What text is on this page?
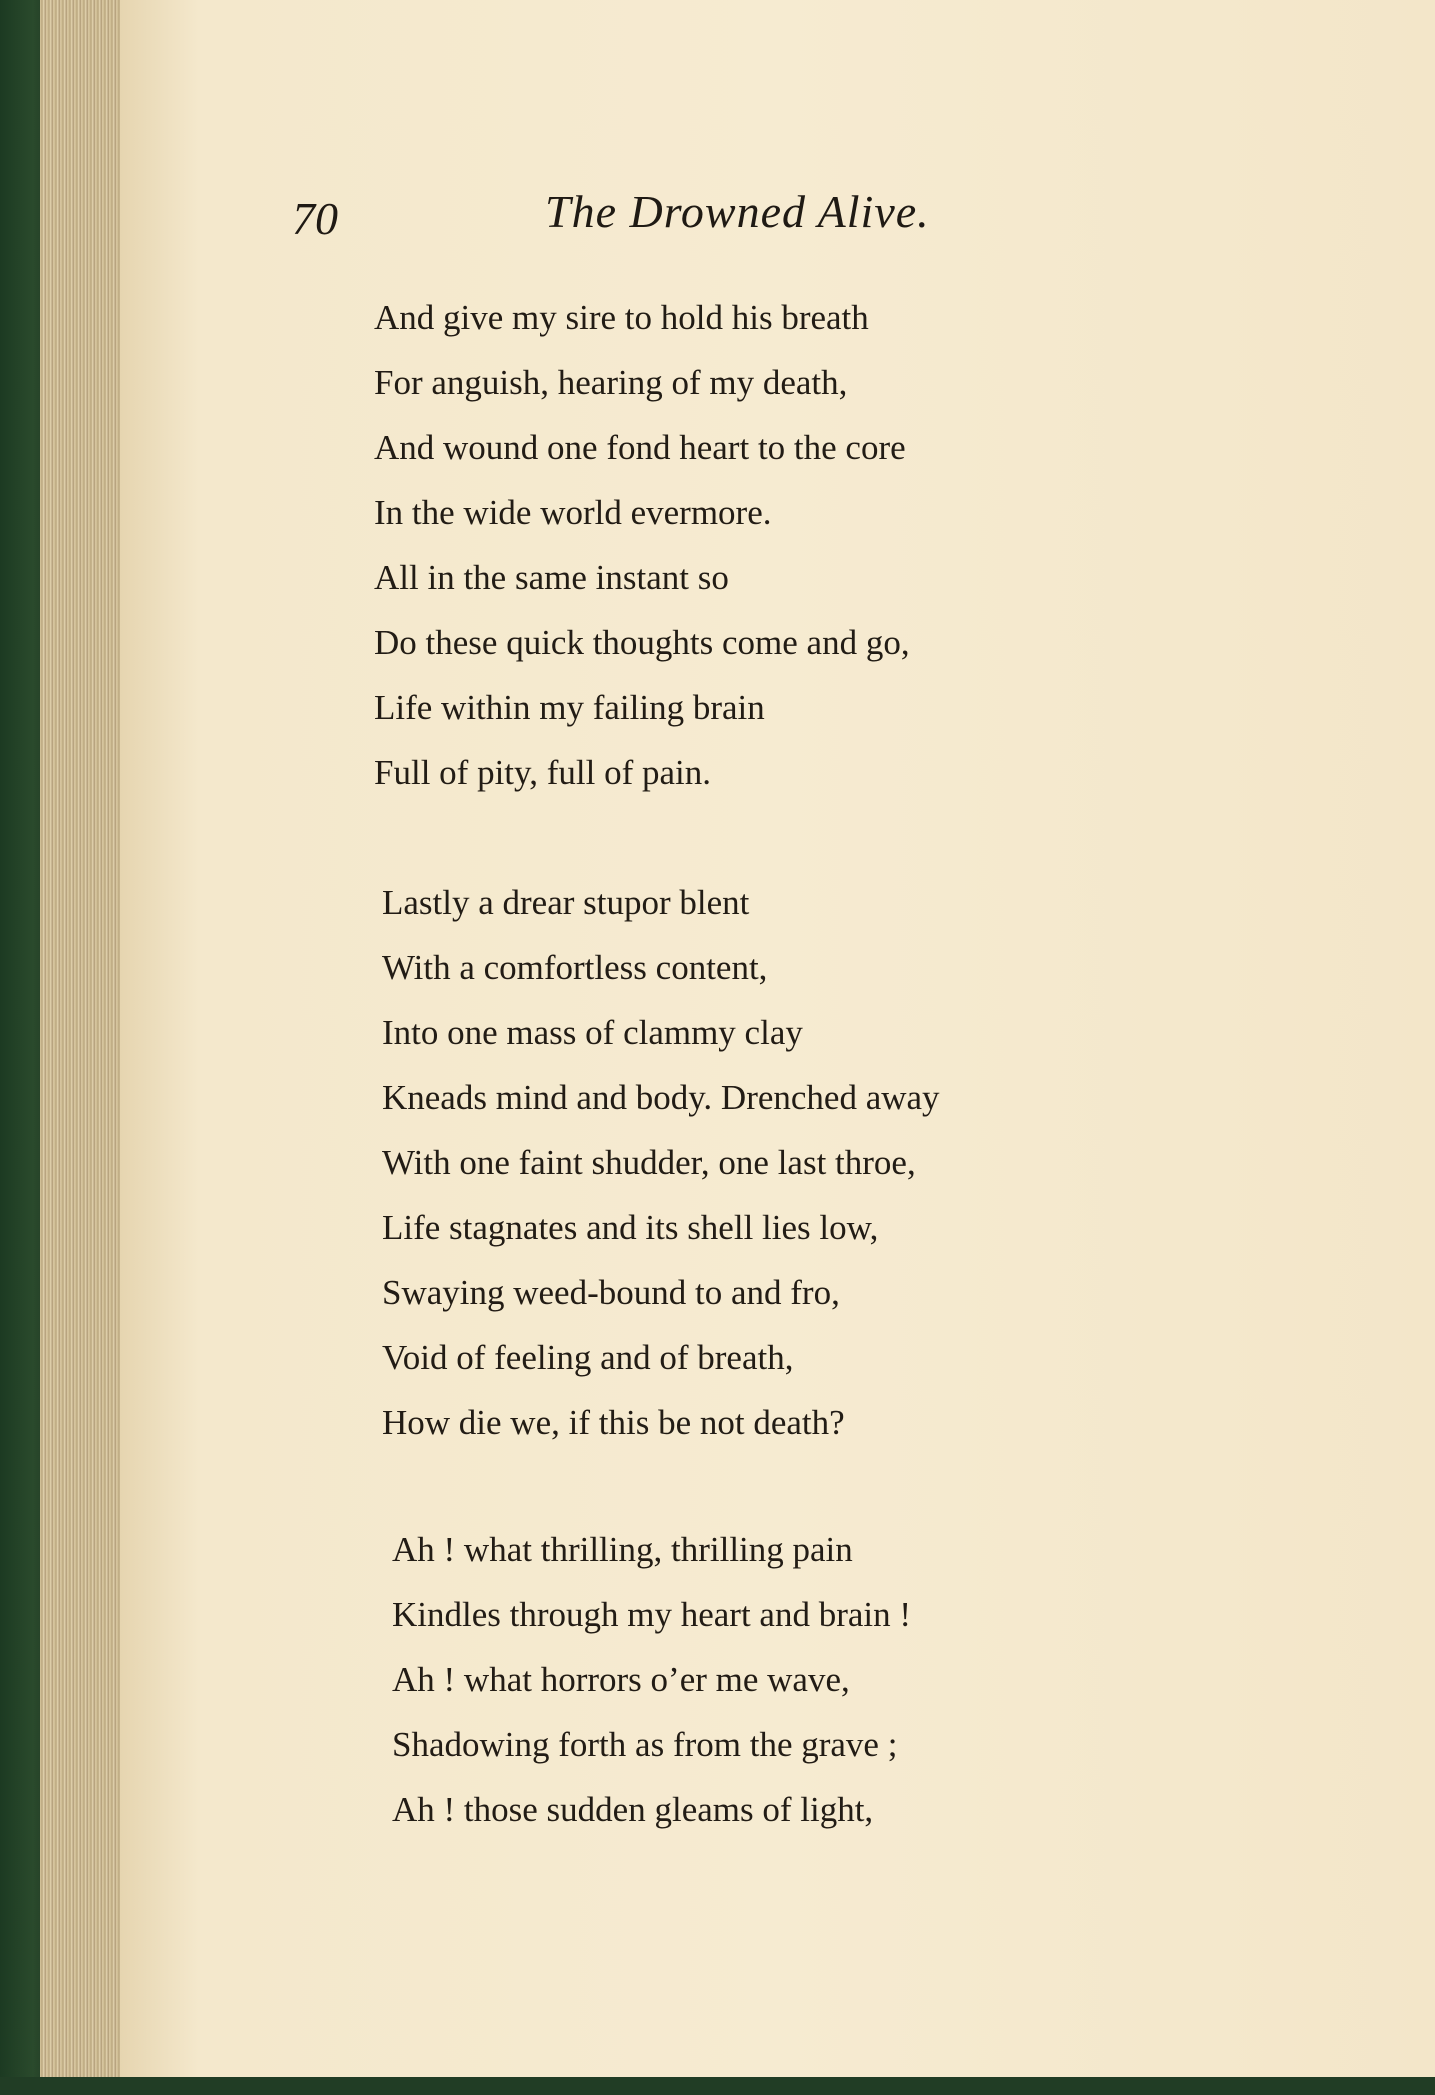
70	The Drowned Alive.
And give my sire to hold his breath
For anguish, hearing of my death,
And wound one fond heart to the core
In the wide world evermore.
All in the same instant so
Do these quick thoughts come and go,
Life within my failing brain
Full of pity, full of pain.
Lastly a drear stupor blent
With a comfortless content,
Into one mass of clammy clay
Kneads mind and body. Drenched away
With one faint shudder, one last throe,
Life stagnates and its shell lies low,
Swaying weed-bound to and fro,
Void of feeling and of breath,
How die we, if this be not death?
Ah ! what thrilling, thrilling pain
Kindles through my heart and brain !
Ah ! what horrors o’er me wave,
Shadowing forth as from the grave ;
Ah ! those sudden gleams of light,
